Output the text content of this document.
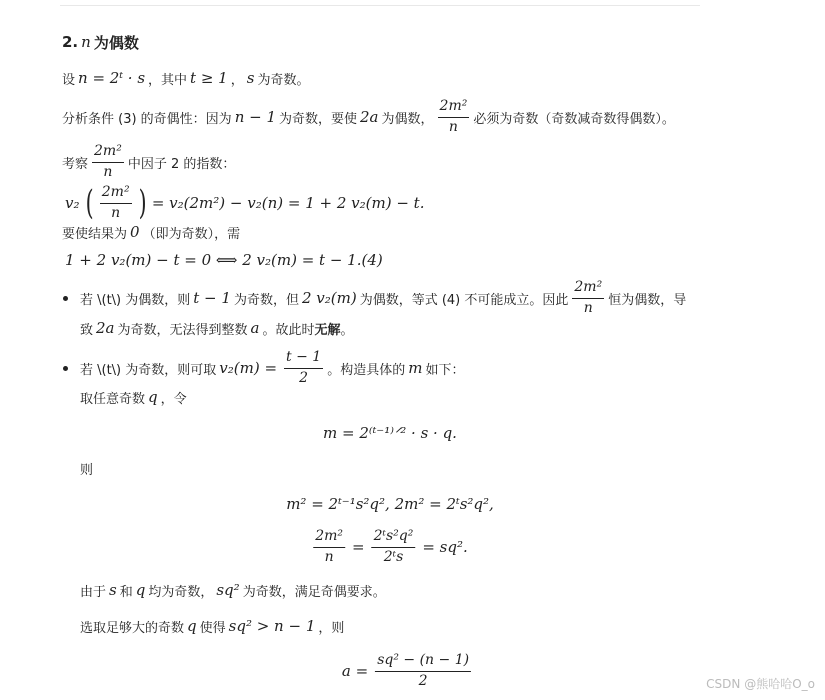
2. n 为偶数
设 n = 2ᵗ · s ，其中 t ≥ 1 ， s 为奇数。
分析条件 (3) 的奇偶性：因为 n − 1 为奇数，要使 2a 为偶数， $\frac{\text{2m²}}{n}$ 必须为奇数（奇数减奇数得偶数）。
考察 $\frac{\text{2m²}}{n}$ 中因子 2 的指数：
v₂ ( $\frac{\text{2m²}}{n}$ ) = v₂(2m²) − v₂(n) = 1 + 2 v₂(m) − t.
要使结果为 0 （即为奇数），需
1 + 2 v₂(m) − t = 0 ⟺ 2 v₂(m) = t − 1.(4)
若 \(t\) 为偶数，则 t − 1 为奇数，但 2 v₂(m) 为偶数，等式 (4) 不可能成立。因此 $\frac{\text{2m²}}{n}$ 恒为偶数，导
致 2a 为奇数，无法得到整数 a 。故此时 无解 。
若 \(t\) 为奇数，则可取 $v_2(m) = \frac{t - 1}{2}$ 。构造具体的 m 如下：
取任意奇数 q ，令
m = 2⁽ᵗ⁻¹⁾ᐟ² · s · q.
则
m² = 2ᵗ⁻¹s²q², 2m² = 2ᵗs²q²,
$\frac{\text{2m²}}{n} = \frac{\text{2ᵗs²q²}}{\text{2ᵗs}} = sq^2$.
由于 s 和 q 均为奇数， sq² 为奇数，满足奇偶要求。
选取足够大的奇数 q 使得 sq² > n − 1 ，则
$a = \frac{\text{sq² − (n − 1)}}{2}$	CSDN @熊哈哈O_o
